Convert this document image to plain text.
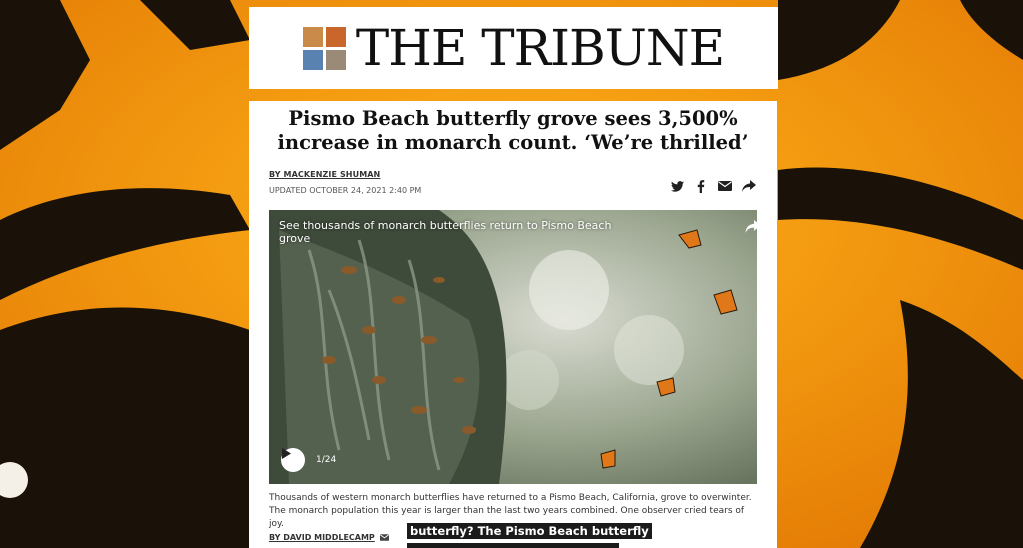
THE TRIBUNE
Pismo Beach butterfly grove sees 3,500% increase in monarch count. ‘We’re thrilled’
BY MACKENZIE SHUMAN
UPDATED OCTOBER 24, 2021 2:40 PM
See thousands of monarch butterflies return to Pismo Beach grove
1/24
Thousands of western monarch butterflies have returned to a Pismo Beach, California, grove to overwinter. The monarch population this year is larger than the last two years combined. One observer cried tears of joy.
BY DAVID MIDDLECAMP	butterfly? The Pismo Beach butterfly
